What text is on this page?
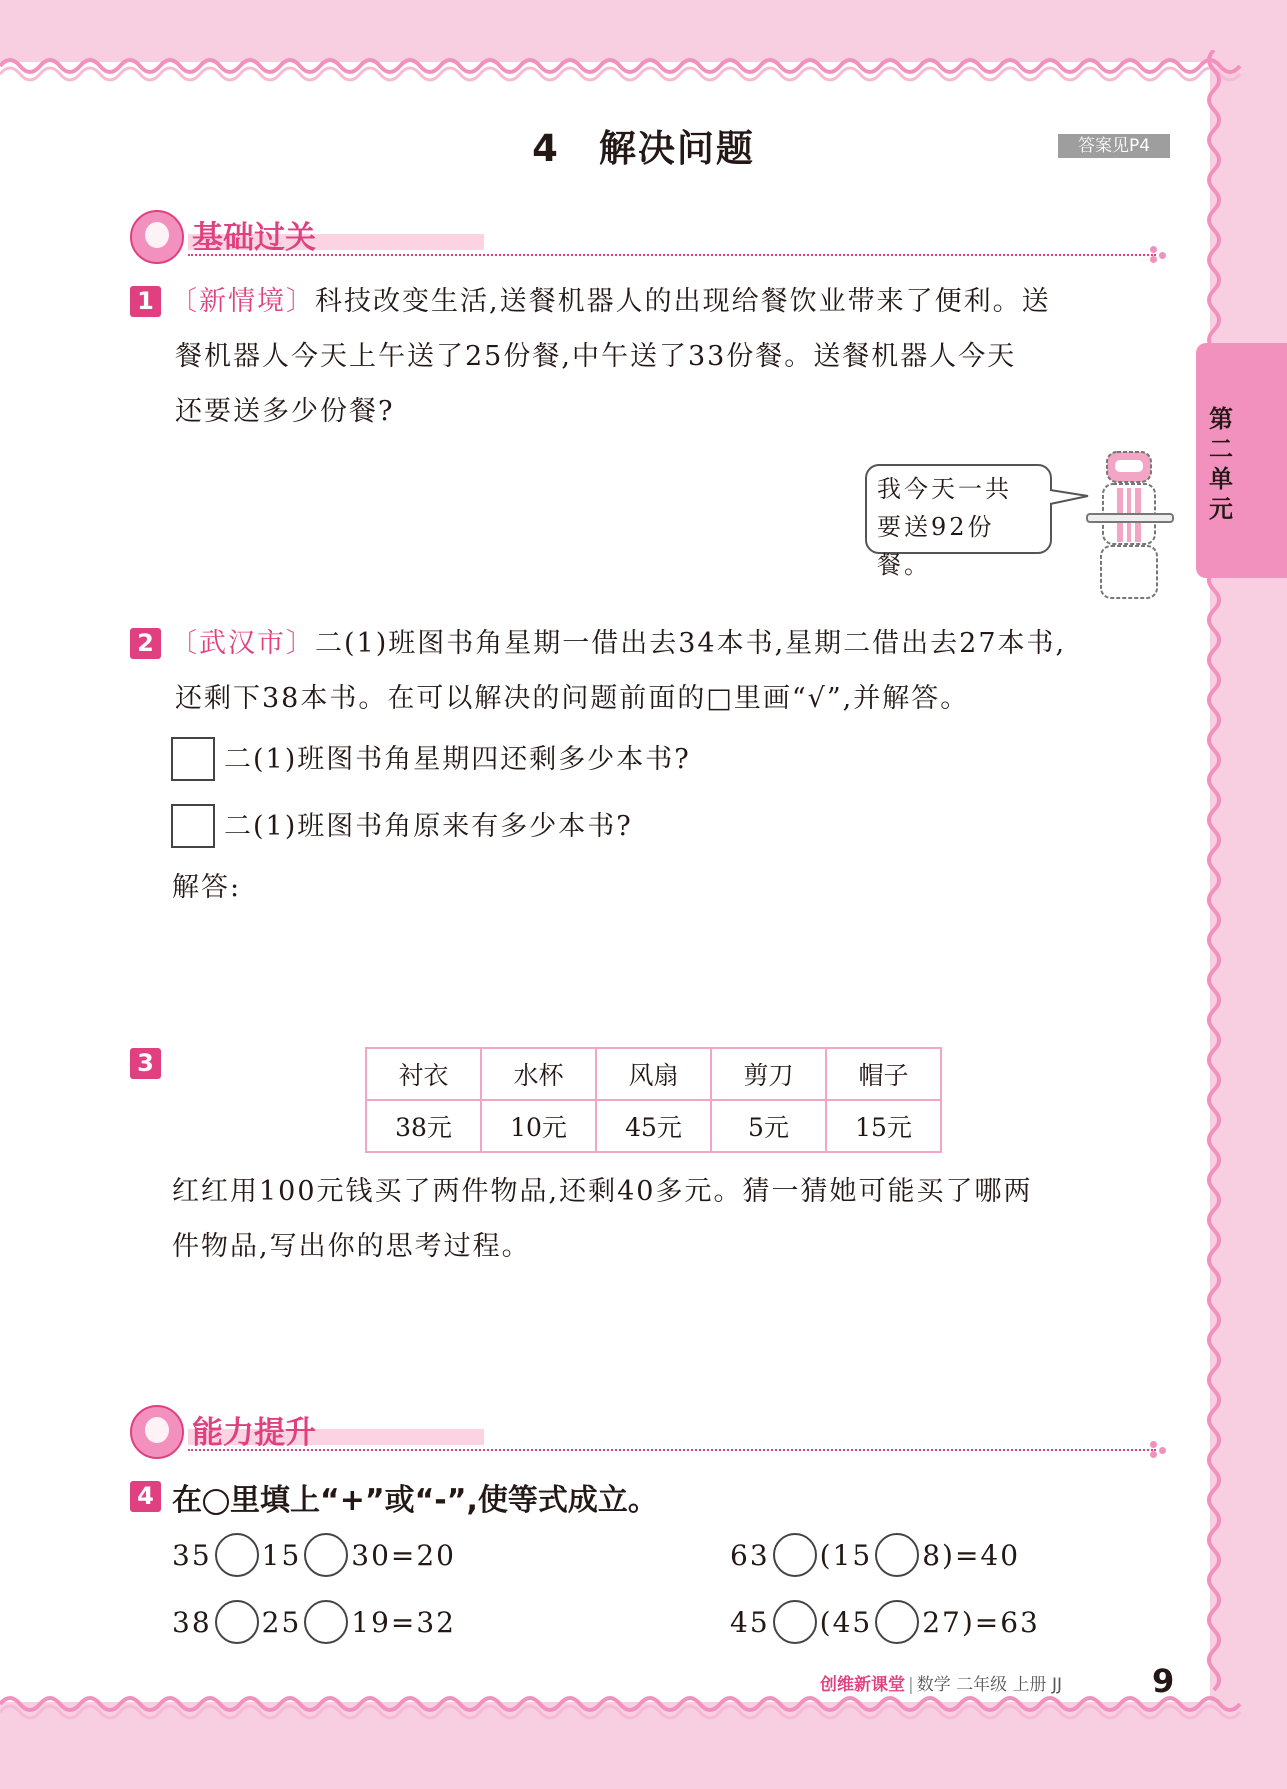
第二单元
4　解决问题	答案见P4
基础过关
1 〔新情境〕科技改变生活,送餐机器人的出现给餐饮业带来了便利。送
餐机器人今天上午送了25份餐,中午送了33份餐。送餐机器人今天
还要送多少份餐?
我今天一共
要送92份餐。
2 〔武汉市〕二(1)班图书角星期一借出去34本书,星期二借出去27本书,
还剩下38本书。在可以解决的问题前面的□里画“√”,并解答。
二(1)班图书角星期四还剩多少本书?
二(1)班图书角原来有多少本书?
解答:
3	衬衣	水杯	风扇	剪刀	帽子
38元	10元	45元	5元	15元
红红用100元钱买了两件物品,还剩40多元。猜一猜她可能买了哪两
件物品,写出你的思考过程。
能力提升
4 在 里填上“+”或“-”,使等式成立。
35 15 30=20	63 (15 8)=40
38 25 19=32	45 (45 27)=63
创维新课堂 | 数学 二年级 上册 JJ	9
